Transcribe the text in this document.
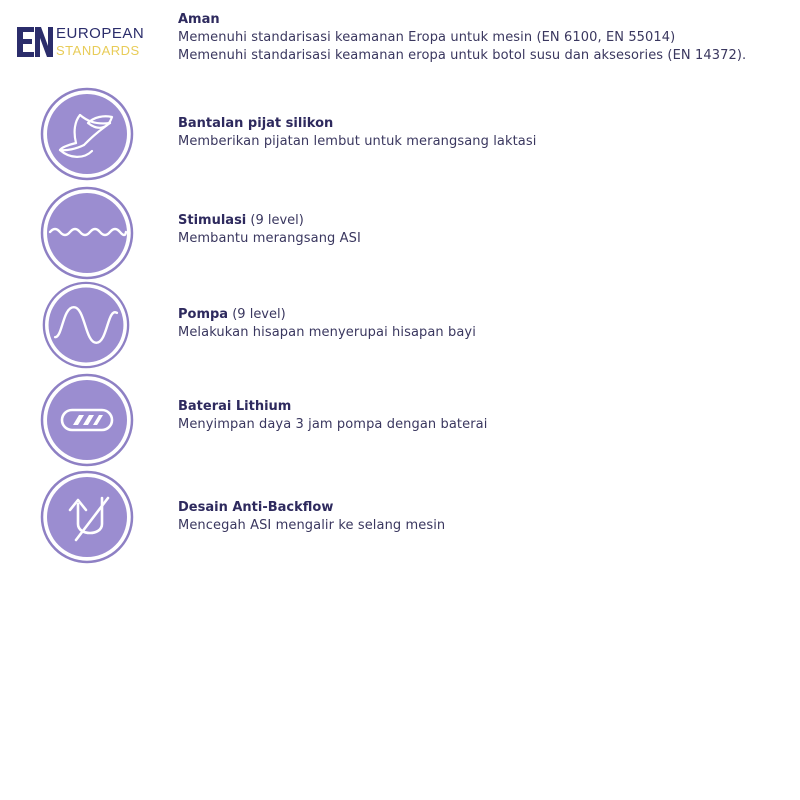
EUROPEAN
STANDARDS
Aman
Memenuhi standarisasi keamanan Eropa untuk mesin (EN 6100, EN 55014)
Memenuhi standarisasi keamanan eropa untuk botol susu dan aksesories (EN 14372).
Bantalan pijat silikon
Memberikan pijatan lembut untuk merangsang laktasi
Stimulasi (9 level)
Membantu merangsang ASI
Pompa (9 level)
Melakukan hisapan menyerupai hisapan bayi
Baterai Lithium
Menyimpan daya 3 jam pompa dengan baterai
Desain Anti-Backflow
Mencegah ASI mengalir ke selang mesin
